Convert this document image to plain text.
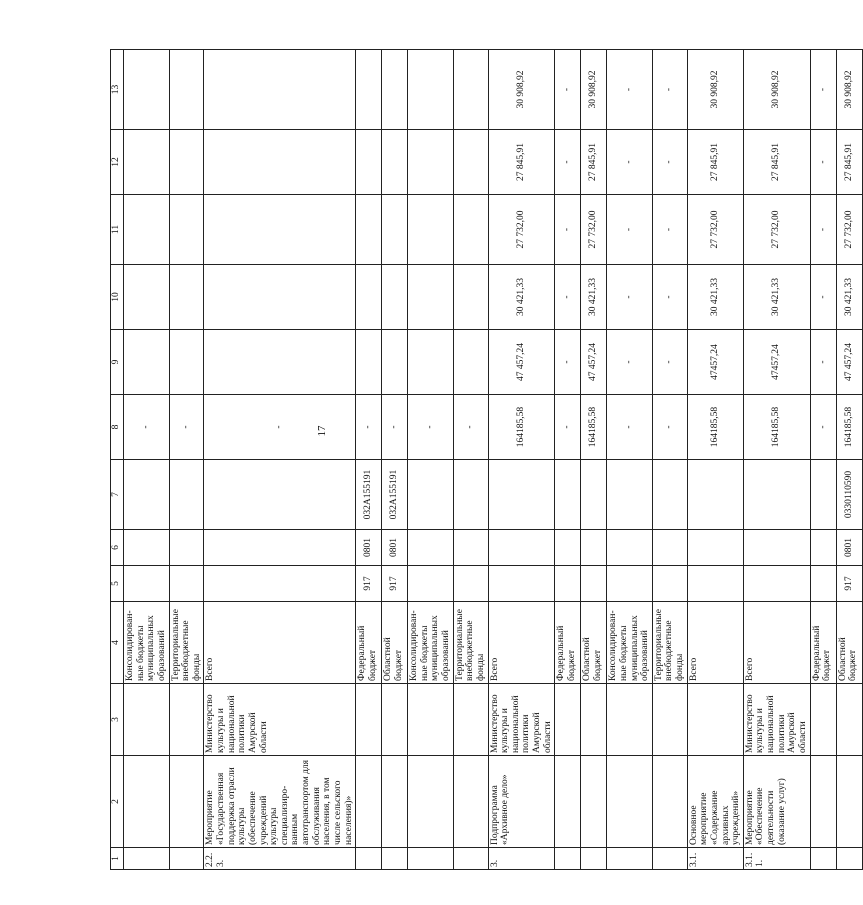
17
1	2	3	4	5	6	7	8	9	10	11	12	13
			Консолидирован-ные бюджеты муниципальных образований				-					
			Территориальные внебюджетные фонды				-					
2.2.3.	Мероприятие «Государственная поддержка отрасли культуры (обеспечение учреждений культуры специализиро-ванным автотранспортом для обслуживания населения, в том числе сельского населения)»	Министерство культуры и национальной политики Амурской области	Всего				-					
			Федеральный бюджет	917	0801	032А155191	-					
			Областной бюджет	917	0801	032А155191	-					
			Консолидирован-ные бюджеты муниципальных образований				-					
			Территориальные внебюджетные фонды				-					
3.	Подпрограмма «Архивное дело»	Министерство культуры и национальной политики Амурской области	Всего				164185,58	47 457,24	30 421,33	27 732,00	27 845,91	30 908,92
			Федеральный бюджет				-	-	-	-	-	-
			Областной бюджет				164185,58	47 457,24	30 421,33	27 732,00	27 845,91	30 908,92
			Консолидирован-ные бюджеты муниципальных образований				-	-	-	-	-	-
			Территориальные внебюджетные фонды				-	-	-	-	-	-
3.1.	Основное мероприятие «Содержание архивных учреждений»		Всего				164185,58	47457,24	30 421,33	27 732,00	27 845,91	30 908,92
3.1.1.	Мероприятие «Обеспечение деятельности (оказание услуг)	Министерство культуры и национальной политики Амурской области	Всего				164185,58	47457,24	30 421,33	27 732,00	27 845,91	30 908,92
			Федеральный бюджет				-	-	-	-	-	-
			Областной бюджет	917	0801	0330110590	164185,58	47 457,24	30 421,33	27 732,00	27 845,91	30 908,92
